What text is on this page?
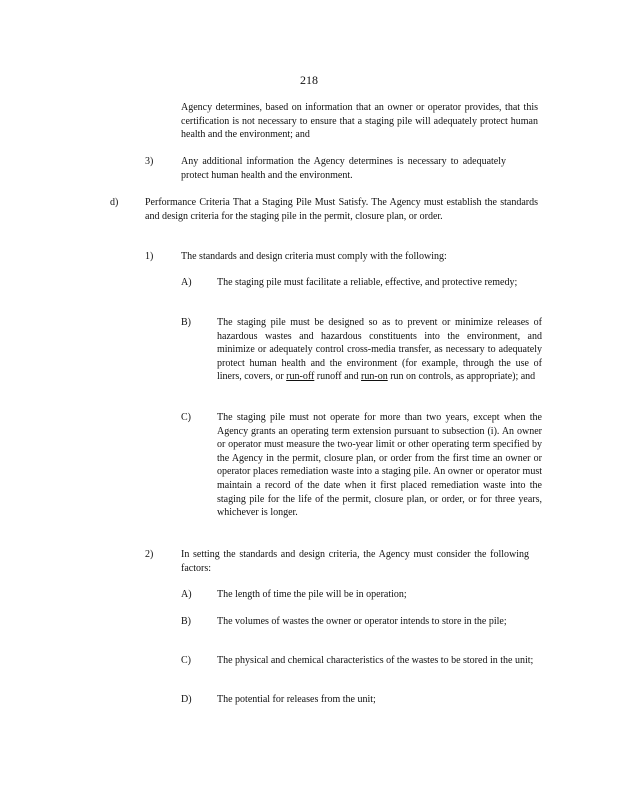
218
Agency determines, based on information that an owner or operator provides, that this certification is not necessary to ensure that a staging pile will adequately protect human health and the environment; and
3)	Any additional information the Agency determines is necessary to adequately protect human health and the environment.
d)	Performance Criteria That a Staging Pile Must Satisfy. The Agency must establish the standards and design criteria for the staging pile in the permit, closure plan, or order.
1)	The standards and design criteria must comply with the following:
A)	The staging pile must facilitate a reliable, effective, and protective remedy;
B)	The staging pile must be designed so as to prevent or minimize releases of hazardous wastes and hazardous constituents into the environment, and minimize or adequately control cross-media transfer, as necessary to adequately protect human health and the environment (for example, through the use of liners, covers, or run-off runoff and run-on run on controls, as appropriate); and
C)	The staging pile must not operate for more than two years, except when the Agency grants an operating term extension pursuant to subsection (i). An owner or operator must measure the two-year limit or other operating term specified by the Agency in the permit, closure plan, or order from the first time an owner or operator places remediation waste into a staging pile. An owner or operator must maintain a record of the date when it first placed remediation waste into the staging pile for the life of the permit, closure plan, or order, or for three years, whichever is longer.
2)	In setting the standards and design criteria, the Agency must consider the following factors:
A)	The length of time the pile will be in operation;
B)	The volumes of wastes the owner or operator intends to store in the pile;
C)	The physical and chemical characteristics of the wastes to be stored in the unit;
D)	The potential for releases from the unit;
